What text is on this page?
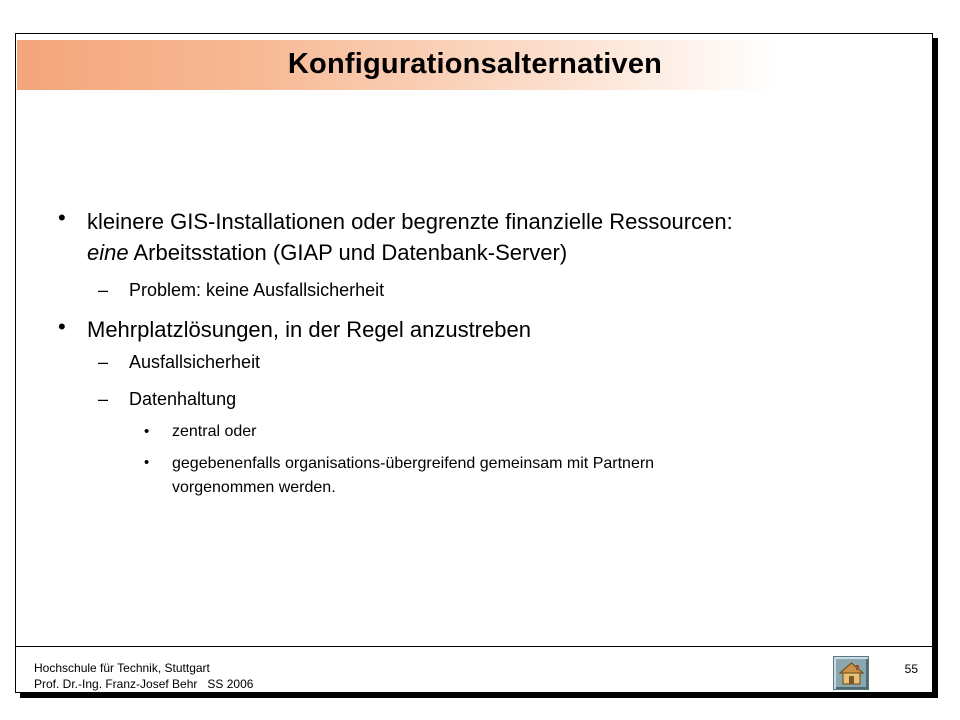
Konfigurationsalternativen
• kleinere GIS-Installationen oder begrenzte finanzielle Ressourcen:
eine Arbeitsstation (GIAP und Datenbank-Server)
– Problem: keine Ausfallsicherheit
• Mehrplatzlösungen, in der Regel anzustreben
– Ausfallsicherheit
– Datenhaltung
• zentral oder
• gegebenenfalls organisations-übergreifend gemeinsam mit Partnern
vorgenommen werden.
Hochschule für Technik, Stuttgart
Prof. Dr.-Ing. Franz-Josef Behr SS 2006
55
